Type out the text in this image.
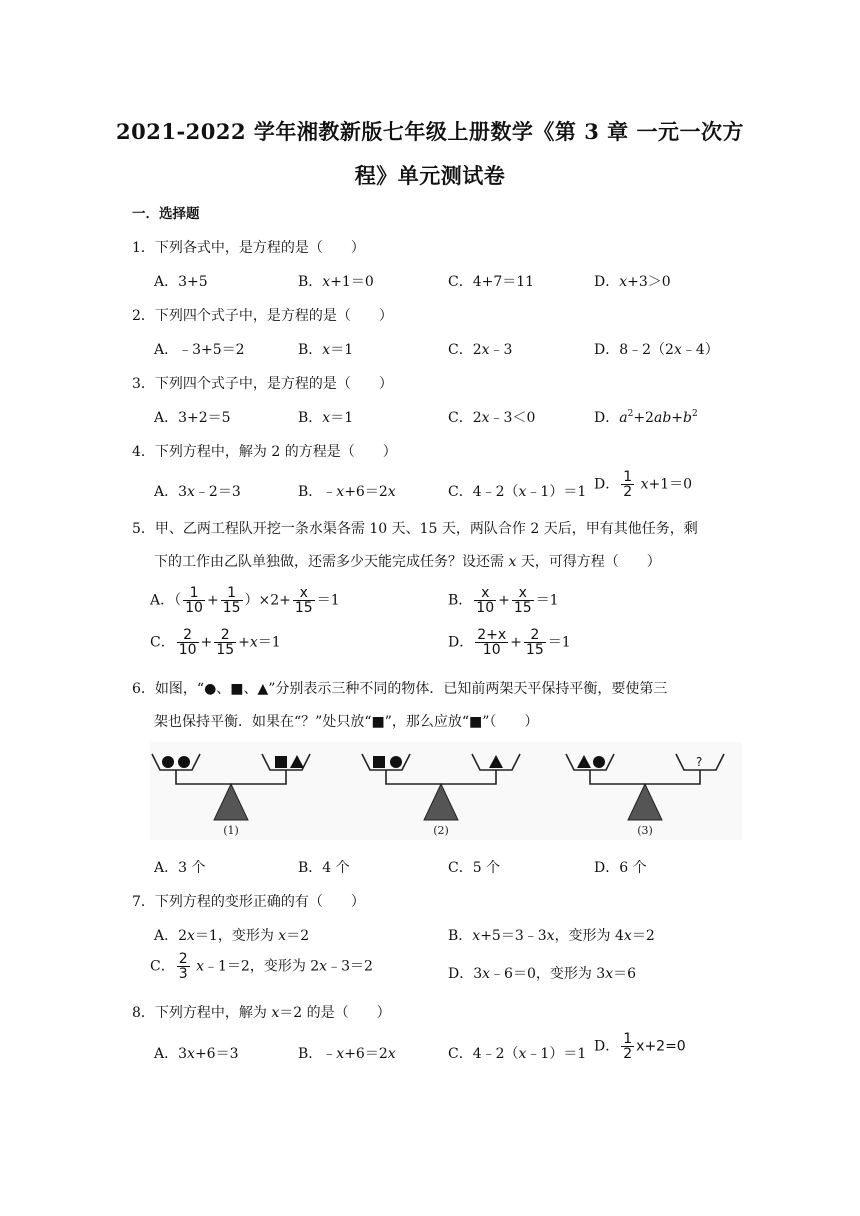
2021-2022 学年湘教新版七年级上册数学《第 3 章 一元一次方
程》单元测试卷
一．选择题
1．下列各式中，是方程的是（　　）
A．3+5	B．x+1＝0	C．4+7＝11	D．x+3＞0
2．下列四个式子中，是方程的是（　　）
A．﹣3+5＝2	B．x＝1	C．2x﹣3	D．8﹣2（2x﹣4）
3．下列四个式子中，是方程的是（　　）
A．3+2＝5	B．x＝1	C．2x﹣3＜0	D．$a^2+2ab+b^2$
4．下列方程中，解为 2 的方程是（　　）
A．3x﹣2＝3	B．﹣x+6＝2x	C．4﹣2（x﹣1）＝1 D． $\frac{1}{2} x+1=0$
5．甲、乙两工程队开挖一条水渠各需 10 天、15 天，两队合作 2 天后，甲有其他任务，剩
下的工作由乙队单独做，还需多少天能完成任务？设还需 x 天，可得方程（　　）
A．（ $\frac{1}{10} + \frac{1}{15} )\times 2+ \frac{x}{15} =1$	B． $\frac{x}{10} + \frac{x}{15} =1$
C． $\frac{2}{10} + \frac{2}{15} +x=1$	D． $\frac{2+x}{10} + \frac{2}{15} =1$
6．如图，“●、■、▲”分别表示三种不同的物体．已知前两架天平保持平衡，要使第三
架也保持平衡．如果在“？”处只放“■”，那么应放“■”（　　）
?
(1)	(2)	(3)
A．3 个	B．4 个	C．5 个	D．6 个
7．下列方程的变形正确的有（　　）
A．2x＝1，变形为 x＝2	B．x+5＝3﹣3x，变形为 4x＝2
C． $\frac{2}{3}$ x﹣1＝2，变形为 2x﹣3＝2	D．3x﹣6＝0，变形为 3x＝6
8．下列方程中，解为 x＝2 的是（　　）
A．3x+6＝3	B．﹣x+6＝2x	C．4﹣2（x﹣1）＝1 D． $\frac{1}{2} x+2=0$
